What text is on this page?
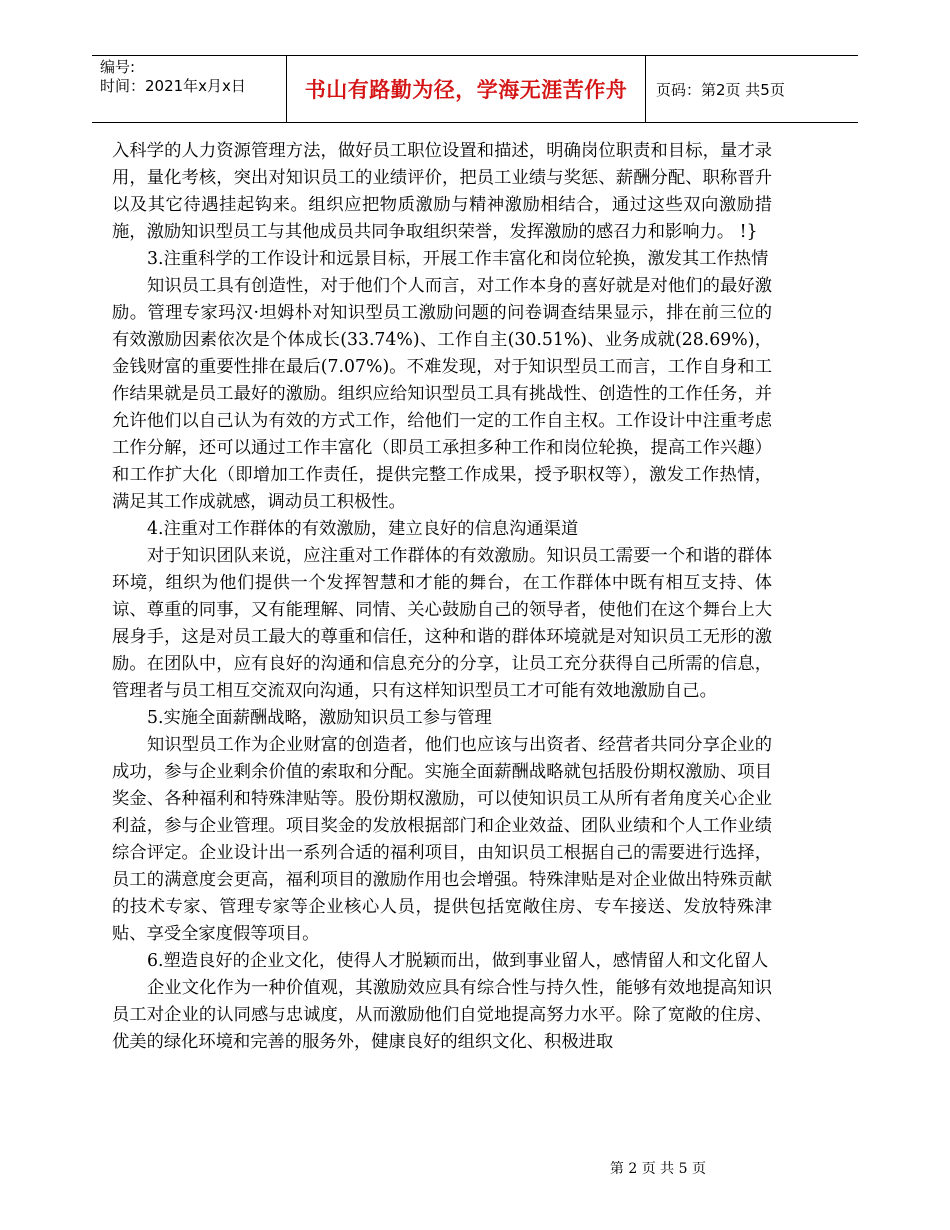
编号:
时间：2021年x月x日	书山有路勤为径，学海无涯苦作舟	页码：第2页 共5页

入科学的人力资源管理方法，做好员工职位设置和描述，明确岗位职责和目标，量才录用，量化考核，突出对知识员工的业绩评价，把员工业绩与奖惩、薪酬分配、职称晋升以及其它待遇挂起钩来。组织应把物质激励与精神激励相结合，通过这些双向激励措施，激励知识型员工与其他成员共同争取组织荣誉，发挥激励的感召力和影响力。 !}

3.注重科学的工作设计和远景目标，开展工作丰富化和岗位轮换，激发其工作热情

知识员工具有创造性，对于他们个人而言，对工作本身的喜好就是对他们的最好激励。管理专家玛汉·坦姆朴对知识型员工激励问题的问卷调查结果显示，排在前三位的有效激励因素依次是个体成长(33.74%)、工作自主(30.51%)、业务成就(28.69%)，金钱财富的重要性排在最后(7.07%)。不难发现，对于知识型员工而言，工作自身和工作结果就是员工最好的激励。组织应给知识型员工具有挑战性、创造性的工作任务，并允许他们以自己认为有效的方式工作，给他们一定的工作自主权。工作设计中注重考虑工作分解，还可以通过工作丰富化（即员工承担多种工作和岗位轮换，提高工作兴趣）和工作扩大化（即增加工作责任，提供完整工作成果，授予职权等），激发工作热情，满足其工作成就感，调动员工积极性。

4.注重对工作群体的有效激励，建立良好的信息沟通渠道

对于知识团队来说，应注重对工作群体的有效激励。知识员工需要一个和谐的群体环境，组织为他们提供一个发挥智慧和才能的舞台，在工作群体中既有相互支持、体谅、尊重的同事，又有能理解、同情、关心鼓励自己的领导者，使他们在这个舞台上大展身手，这是对员工最大的尊重和信任，这种和谐的群体环境就是对知识员工无形的激励。在团队中，应有良好的沟通和信息充分的分享，让员工充分获得自己所需的信息，管理者与员工相互交流双向沟通，只有这样知识型员工才可能有效地激励自己。

5.实施全面薪酬战略，激励知识员工参与管理

知识型员工作为企业财富的创造者，他们也应该与出资者、经营者共同分享企业的成功，参与企业剩余价值的索取和分配。实施全面薪酬战略就包括股份期权激励、项目奖金、各种福利和特殊津贴等。股份期权激励，可以使知识员工从所有者角度关心企业利益，参与企业管理。项目奖金的发放根据部门和企业效益、团队业绩和个人工作业绩综合评定。企业设计出一系列合适的福利项目，由知识员工根据自己的需要进行选择，员工的满意度会更高，福利项目的激励作用也会增强。特殊津贴是对企业做出特殊贡献的技术专家、管理专家等企业核心人员，提供包括宽敞住房、专车接送、发放特殊津贴、享受全家度假等项目。

6.塑造良好的企业文化，使得人才脱颖而出，做到事业留人，感情留人和文化留人

企业文化作为一种价值观，其激励效应具有综合性与持久性，能够有效地提高知识员工对企业的认同感与忠诚度，从而激励他们自觉地提高努力水平。除了宽敞的住房、优美的绿化环境和完善的服务外，健康良好的组织文化、积极进取

第 2 页 共 5 页
